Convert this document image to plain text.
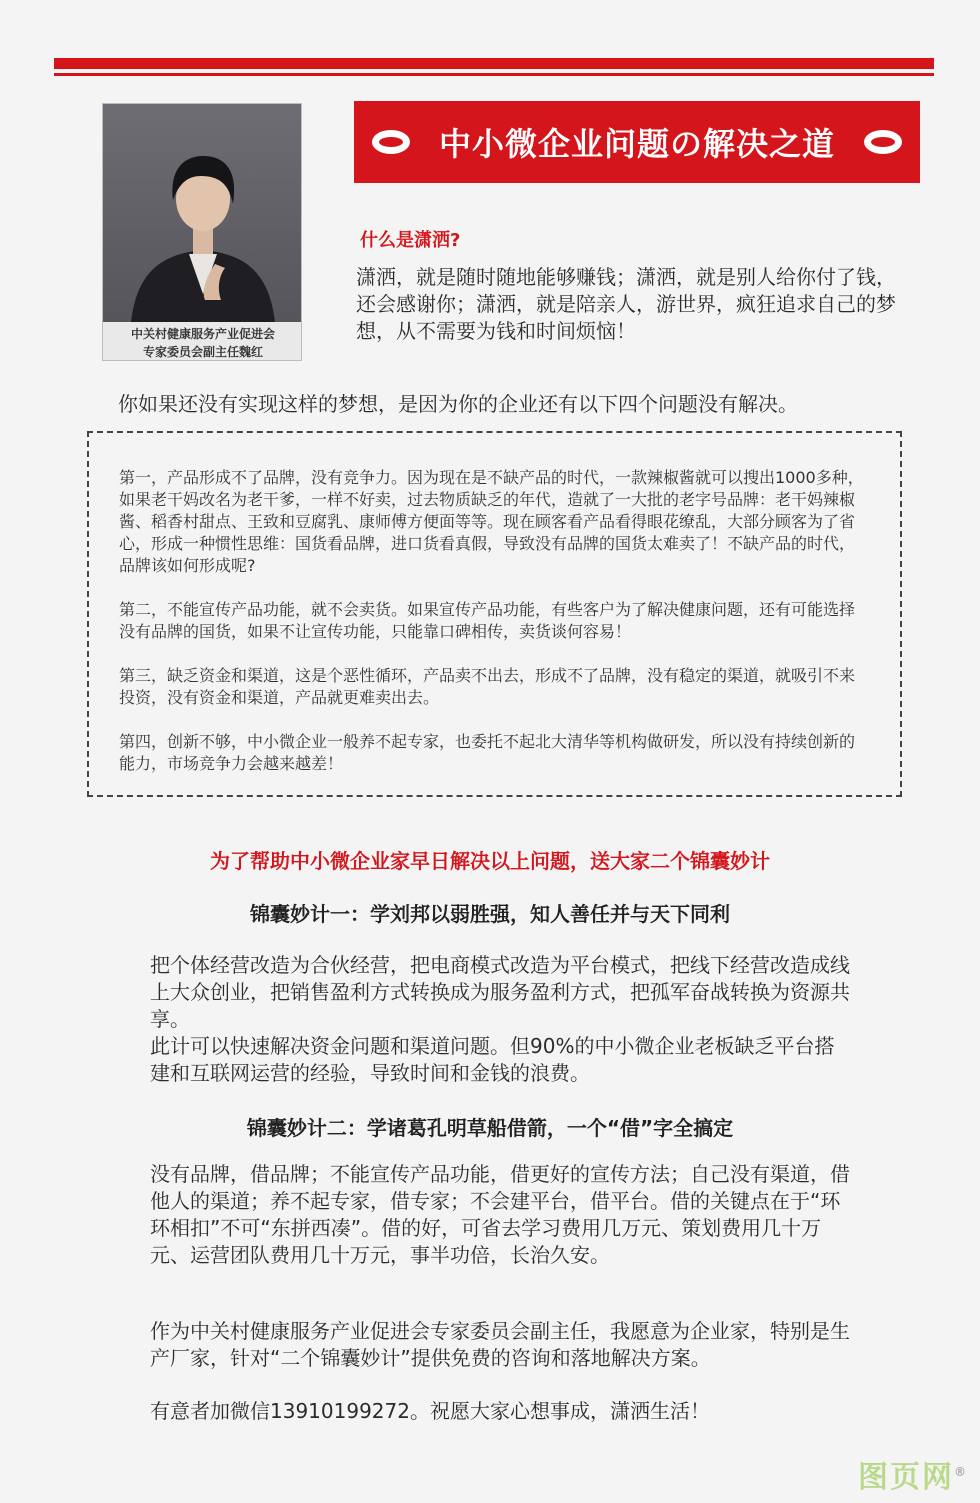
中关村健康服务产业促进会
专家委员会副主任魏红
中小微企业问题の解决之道
什么是潇洒?
潇洒，就是随时随地能够赚钱；潇洒，就是别人给你付了钱，还会感谢你；潇洒，就是陪亲人，游世界，疯狂追求自己的梦想，从不需要为钱和时间烦恼！
你如果还没有实现这样的梦想，是因为你的企业还有以下四个问题没有解决。

第一，产品形成不了品牌，没有竞争力。因为现在是不缺产品的时代，一款辣椒酱就可以搜出1000多种，如果老干妈改名为老干爹，一样不好卖，过去物质缺乏的年代，造就了一大批的老字号品牌：老干妈辣椒酱、稻香村甜点、王致和豆腐乳、康师傅方便面等等。现在顾客看产品看得眼花缭乱，大部分顾客为了省心，形成一种惯性思维：国货看品牌，进口货看真假，导致没有品牌的国货太难卖了！不缺产品的时代，品牌该如何形成呢?

第二，不能宣传产品功能，就不会卖货。如果宣传产品功能，有些客户为了解决健康问题，还有可能选择没有品牌的国货，如果不让宣传功能，只能靠口碑相传，卖货谈何容易！

第三，缺乏资金和渠道，这是个恶性循环，产品卖不出去，形成不了品牌，没有稳定的渠道，就吸引不来投资，没有资金和渠道，产品就更难卖出去。

第四，创新不够，中小微企业一般养不起专家，也委托不起北大清华等机构做研发，所以没有持续创新的能力，市场竞争力会越来越差！

为了帮助中小微企业家早日解决以上问题，送大家二个锦囊妙计
锦囊妙计一：学刘邦以弱胜强，知人善任并与天下同利
把个体经营改造为合伙经营，把电商模式改造为平台模式，把线下经营改造成线上大众创业，把销售盈利方式转换成为服务盈利方式，把孤军奋战转换为资源共享。
此计可以快速解决资金问题和渠道问题。但90%的中小微企业老板缺乏平台搭建和互联网运营的经验，导致时间和金钱的浪费。
锦囊妙计二：学诸葛孔明草船借箭，一个“借”字全搞定
没有品牌，借品牌；不能宣传产品功能，借更好的宣传方法；自己没有渠道，借他人的渠道；养不起专家，借专家；不会建平台，借平台。借的关键点在于“环环相扣”不可“东拼西凑”。借的好，可省去学习费用几万元、策划费用几十万元、运营团队费用几十万元，事半功倍，长治久安。
作为中关村健康服务产业促进会专家委员会副主任，我愿意为企业家，特别是生产厂家，针对“二个锦囊妙计”提供免费的咨询和落地解决方案。
有意者加微信13910199272。祝愿大家心想事成，潇洒生活！
图页网®
